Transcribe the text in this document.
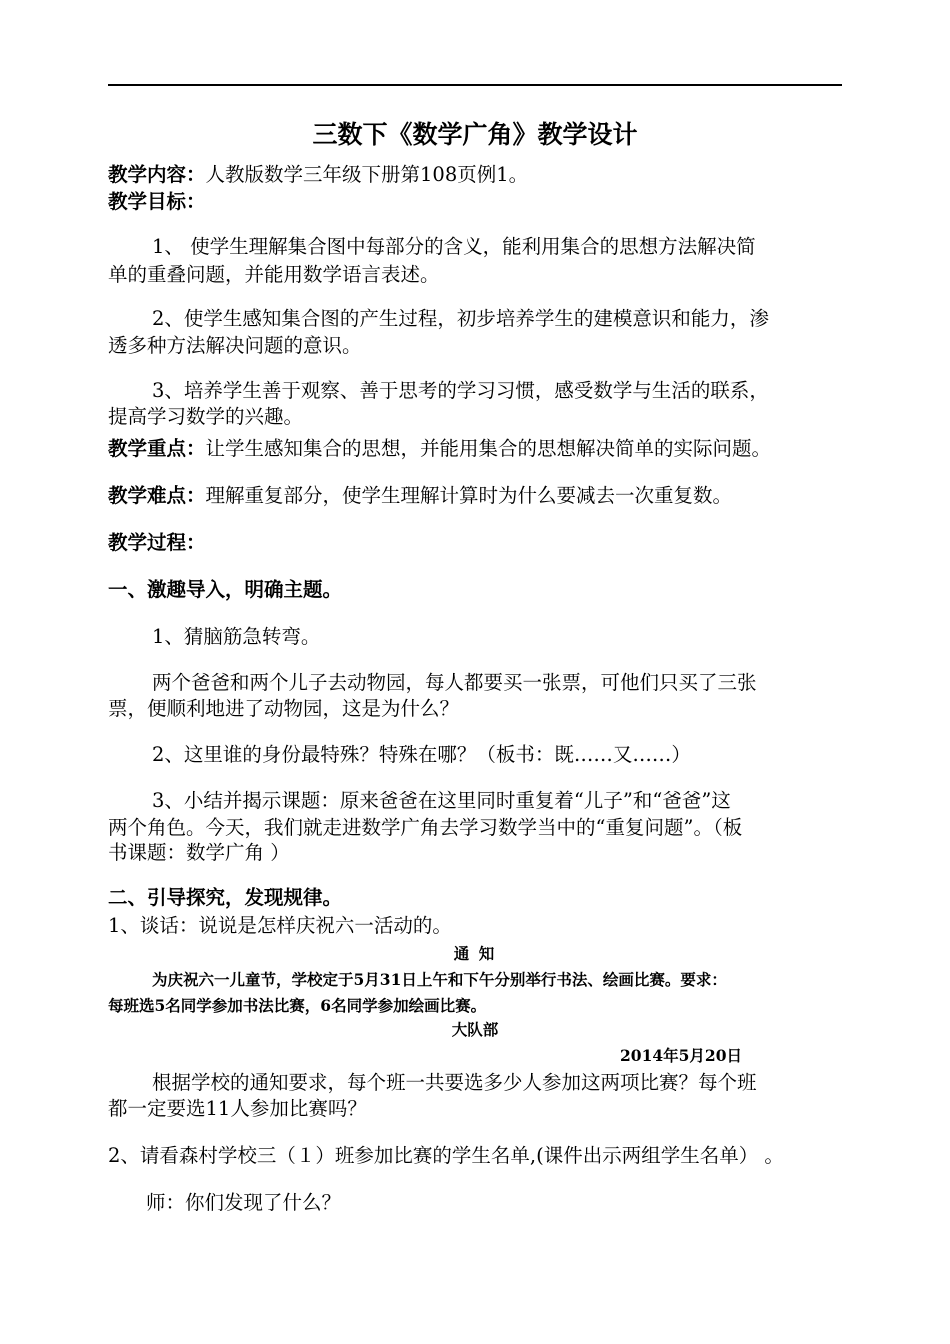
三数下《数学广角》教学设计
教学内容：人教版数学三年级下册第108页例1。
教学目标：
1、 使学生理解集合图中每部分的含义，能利用集合的思想方法解决简
单的重叠问题，并能用数学语言表述。
2、使学生感知集合图的产生过程，初步培养学生的建模意识和能力，渗
透多种方法解决问题的意识。
3、培养学生善于观察、善于思考的学习习惯，感受数学与生活的联系，
提高学习数学的兴趣。
教学重点：让学生感知集合的思想，并能用集合的思想解决简单的实际问题。
教学难点：理解重复部分，使学生理解计算时为什么要减去一次重复数。
教学过程：
一、激趣导入，明确主题。
1、猜脑筋急转弯。
两个爸爸和两个儿子去动物园，每人都要买一张票，可他们只买了三张
票，便顺利地进了动物园，这是为什么？
2、这里谁的身份最特殊？特殊在哪？（板书：既……又……）
3、小结并揭示课题：原来爸爸在这里同时重复着“儿子”和“爸爸”这
两个角色。今天，我们就走进数学广角去学习数学当中的“重复问题”。（板
书课题：数学广角 ）
二、引导探究，发现规律。
1、谈话：说说是怎样庆祝六一活动的。
通 知
为庆祝六一儿童节，学校定于5月31日上午和下午分别举行书法、绘画比赛。要求：
每班选5名同学参加书法比赛，6名同学参加绘画比赛。
大队部
2014年5月20日
根据学校的通知要求，每个班一共要选多少人参加这两项比赛？每个班
都一定要选11人参加比赛吗？
2、请看森村学校三（１）班参加比赛的学生名单,(课件出示两组学生名单） 。
师：你们发现了什么？
